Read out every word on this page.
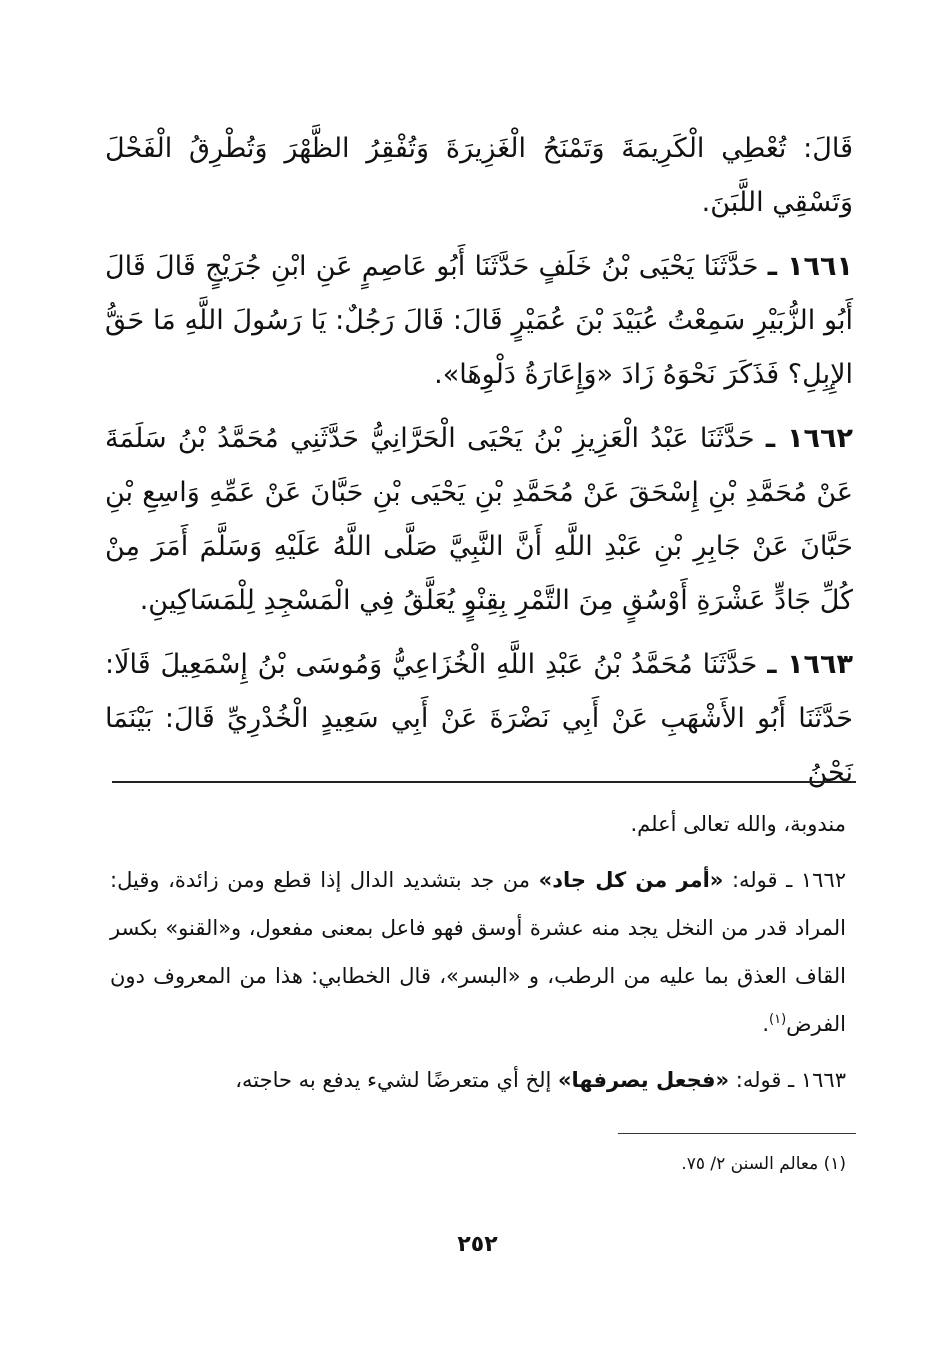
قَالَ: تُعْطِي الْكَرِيمَةَ وَتَمْنَحُ الْغَزِيرَةَ وَتُفْقِرُ الظَّهْرَ وَتُطْرِقُ الْفَحْلَ وَتَسْقِي اللَّبَنَ.

١٦٦١ ـ حَدَّثَنَا يَحْيَى بْنُ خَلَفٍ حَدَّثَنَا أَبُو عَاصِمٍ عَنِ ابْنِ جُرَيْجٍ قَالَ قَالَ أَبُو الزُّبَيْرِ سَمِعْتُ عُبَيْدَ بْنَ عُمَيْرٍ قَالَ: قَالَ رَجُلٌ: يَا رَسُولَ اللَّهِ مَا حَقُّ الإِبِلِ؟ فَذَكَرَ نَحْوَهُ زَادَ «وَإِعَارَةُ دَلْوِهَا».

١٦٦٢ ـ حَدَّثَنَا عَبْدُ الْعَزِيزِ بْنُ يَحْيَى الْحَرَّانِيُّ حَدَّثَنِي مُحَمَّدُ بْنُ سَلَمَةَ عَنْ مُحَمَّدِ بْنِ إِسْحَقَ عَنْ مُحَمَّدِ بْنِ يَحْيَى بْنِ حَبَّانَ عَنْ عَمِّهِ وَاسِعِ بْنِ حَبَّانَ عَنْ جَابِرِ بْنِ عَبْدِ اللَّهِ أَنَّ النَّبِيَّ صَلَّى اللَّهُ عَلَيْهِ وَسَلَّمَ أَمَرَ مِنْ كُلِّ جَادٍّ عَشْرَةِ أَوْسُقٍ مِنَ التَّمْرِ بِقِنْوٍ يُعَلَّقُ فِي الْمَسْجِدِ لِلْمَسَاكِينِ.

١٦٦٣ ـ حَدَّثَنَا مُحَمَّدُ بْنُ عَبْدِ اللَّهِ الْخُزَاعِيُّ وَمُوسَى بْنُ إِسْمَعِيلَ قَالَا: حَدَّثَنَا أَبُو الأَشْهَبِ عَنْ أَبِي نَضْرَةَ عَنْ أَبِي سَعِيدٍ الْخُدْرِيِّ قَالَ: بَيْنَمَا نَحْنُ

مندوبة، والله تعالى أعلم.

١٦٦٢ ـ قوله: «أمر من كل جاد» من جد بتشديد الدال إذا قطع ومن زائدة، وقيل: المراد قدر من النخل يجد منه عشرة أوسق فهو فاعل بمعنى مفعول، و«القنو» بكسر القاف العذق بما عليه من الرطب، و «البسر»، قال الخطابي: هذا من المعروف دون الفرض$^{(١)}$.

١٦٦٣ ـ قوله: «فجعل يصرفها» إلخ أي متعرضًا لشيء يدفع به حاجته،

(١) معالم السنن ٢/ ٧٥.
٢٥٢
